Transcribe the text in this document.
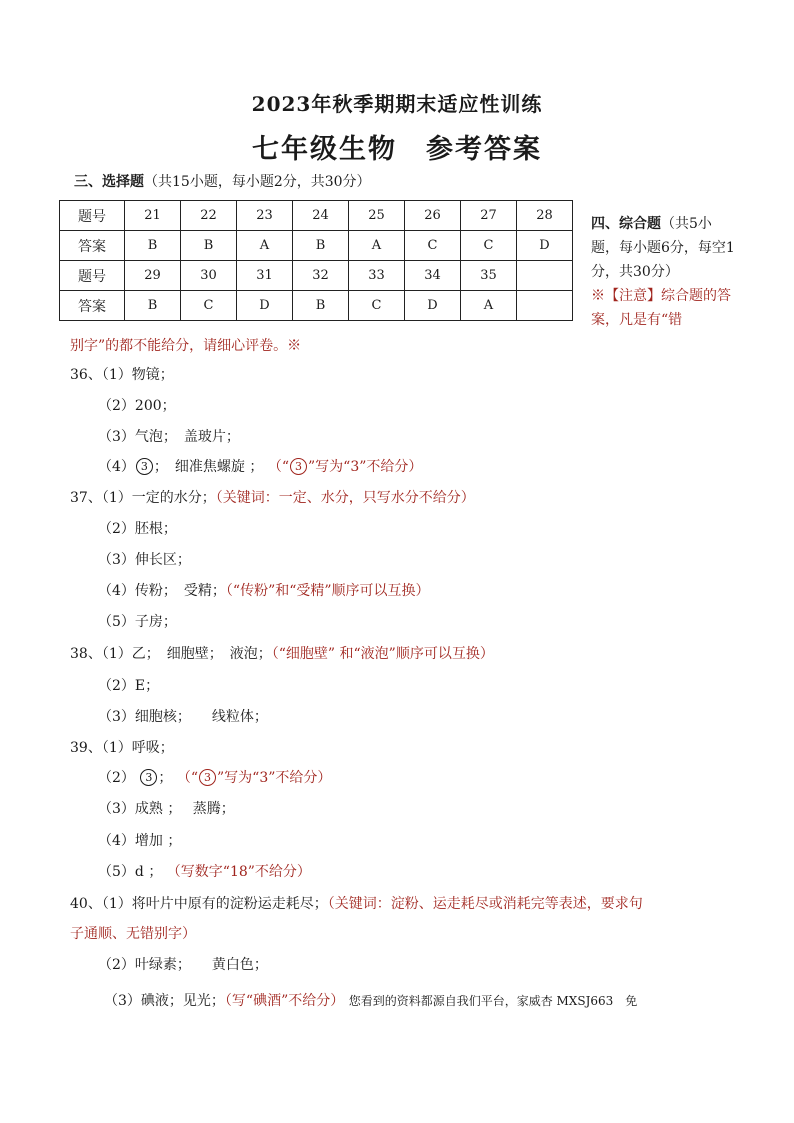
2023年秋季期期末适应性训练
七年级生物　参考答案
三、选择题（共15小题，每小题2分，共30分）
题号	21	22	23	24	25	26	27	28
答案	B	B	A	B	A	C	C	D
题号	29	30	31	32	33	34	35	
答案	B	C	D	B	C	D	A	
四、综合题（共5小题，每小题6分，每空1分，共30分）
※【注意】综合题的答案，凡是有“错
别字”的都不能给分，请细心评卷。※
36、（1）物镜；
（2）200；
（3）气泡；　盖玻片；
（4） 3 ；　细准焦螺旋 ； （“ 3 ”写为“3”不给分）
37、（1）一定的水分；（关键词：一定、水分，只写水分不给分）
（2）胚根；
（3）伸长区；
（4）传粉；　受精；（“传粉”和“受精”顺序可以互换）
（5）子房；
38、（1）乙；　细胞壁；　液泡；（“细胞壁” 和“液泡”顺序可以互换）
（2）E；
（3）细胞核；　　线粒体；
39、（1）呼吸；
（2） 3 ； （“ 3 ”写为“3”不给分）
（3）成熟 ；　 蒸腾；
（4）增加 ；
（5）d ； （写数字“18”不给分）
40、（1）将叶片中原有的淀粉运走耗尽；（关键词：淀粉、运走耗尽或消耗完等表述，要求句
子通顺、无错别字）
（2）叶绿素；　　黄白色；
（3）碘液；见光；（写“碘酒”不给分） 您看到的资料都源自我们平台，家威杏 MXSJ663　免
